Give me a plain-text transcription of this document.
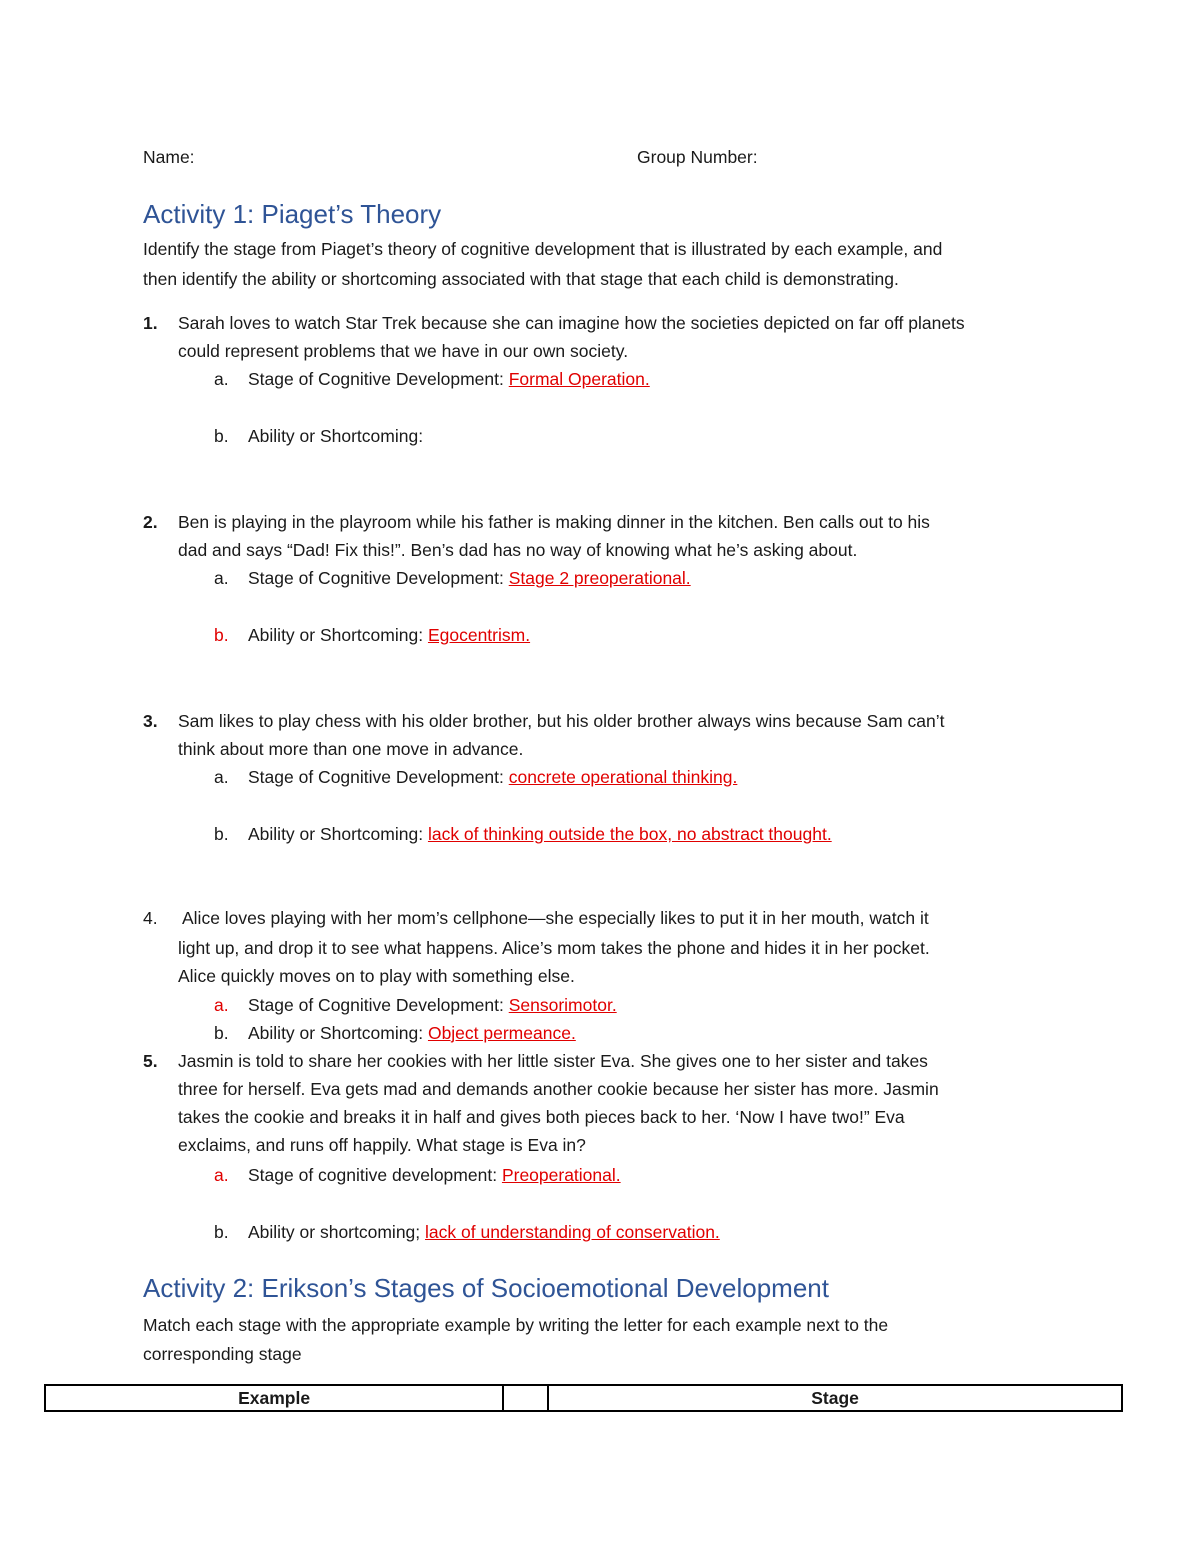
Name:	Group Number:
Activity 1: Piaget’s Theory
Identify the stage from Piaget’s theory of cognitive development that is illustrated by each example, and
then identify the ability or shortcoming associated with that stage that each child is demonstrating.
1. Sarah loves to watch Star Trek because she can imagine how the societies depicted on far off planets
could represent problems that we have in our own society.
a. Stage of Cognitive Development: Formal Operation.
b. Ability or Shortcoming:
2. Ben is playing in the playroom while his father is making dinner in the kitchen. Ben calls out to his
dad and says “Dad! Fix this!”. Ben’s dad has no way of knowing what he’s asking about.
a. Stage of Cognitive Development: Stage 2 preoperational.
b. Ability or Shortcoming: Egocentrism.
3. Sam likes to play chess with his older brother, but his older brother always wins because Sam can’t
think about more than one move in advance.
a. Stage of Cognitive Development: concrete operational thinking.
b. Ability or Shortcoming: lack of thinking outside the box, no abstract thought.
4. Alice loves playing with her mom’s cellphone—she especially likes to put it in her mouth, watch it
light up, and drop it to see what happens. Alice’s mom takes the phone and hides it in her pocket.
Alice quickly moves on to play with something else.
a. Stage of Cognitive Development: Sensorimotor.
b. Ability or Shortcoming: Object permeance.
5. Jasmin is told to share her cookies with her little sister Eva. She gives one to her sister and takes
three for herself. Eva gets mad and demands another cookie because her sister has more. Jasmin
takes the cookie and breaks it in half and gives both pieces back to her. ‘Now I have two!” Eva
exclaims, and runs off happily. What stage is Eva in?
a. Stage of cognitive development: Preoperational.
b. Ability or shortcoming; lack of understanding of conservation.
Activity 2: Erikson’s Stages of Socioemotional Development
Match each stage with the appropriate example by writing the letter for each example next to the
corresponding stage
Example		Stage
